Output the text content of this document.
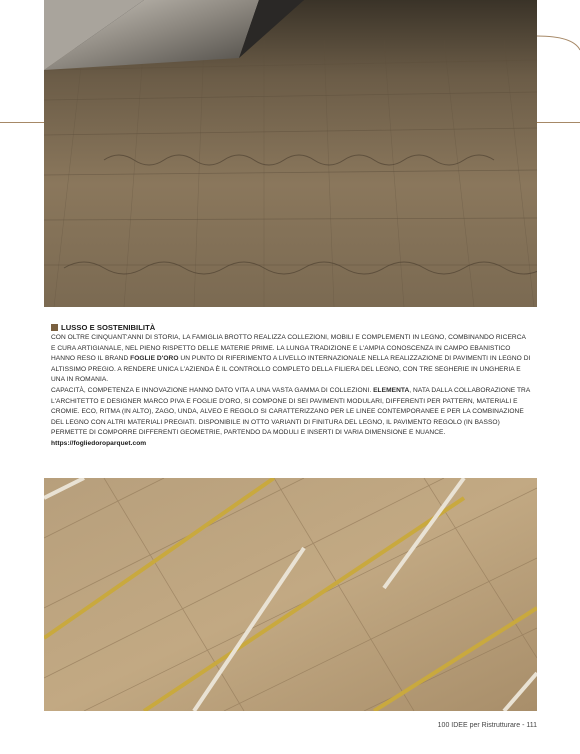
LUSSO E SOSTENIBILITÀ

CON OLTRE CINQUANT'ANNI DI STORIA, LA FAMIGLIA BROTTO REALIZZA COLLEZIONI, MOBILI E COMPLEMENTI IN LEGNO, COMBINANDO RICERCA E CURA ARTIGIANALE, NEL PIENO RISPETTO DELLE MATERIE PRIME. LA LUNGA TRADIZIONE E L'AMPIA CONOSCENZA IN CAMPO EBANISTICO HANNO RESO IL BRAND FOGLIE D'ORO UN PUNTO DI RIFERIMENTO A LIVELLO INTERNAZIONALE NELLA REALIZZAZIONE DI PAVIMENTI IN LEGNO DI ALTISSIMO PREGIO. A RENDERE UNICA L'AZIENDA È IL CONTROLLO COMPLETO DELLA FILIERA DEL LEGNO, CON TRE SEGHERIE IN UNGHERIA E UNA IN ROMANIA.

CAPACITÀ, COMPETENZA E INNOVAZIONE HANNO DATO VITA A UNA VASTA GAMMA DI COLLEZIONI. ELEMENTA, NATA DALLA COLLABORAZIONE TRA L'ARCHITETTO E DESIGNER MARCO PIVA E FOGLIE D'ORO, SI COMPONE DI SEI PAVIMENTI MODULARI, DIFFERENTI PER PATTERN, MATERIALI E CROMIE. ECO, RITMA (IN ALTO), ZAGO, UNDA, ALVEO E REGOLO SI CARATTERIZZANO PER LE LINEE CONTEMPORANEE E PER LA COMBINAZIONE DEL LEGNO CON ALTRI MATERIALI PREGIATI. DISPONIBILE IN OTTO VARIANTI DI FINITURA DEL LEGNO, IL PAVIMENTO REGOLO (IN BASSO) PERMETTE DI COMPORRE DIFFERENTI GEOMETRIE, PARTENDO DA MODULI E INSERTI DI VARIA DIMENSIONE E NUANCE.

https://fogliedoroparquet.com

100 IDEE per Ristrutturare - 111
